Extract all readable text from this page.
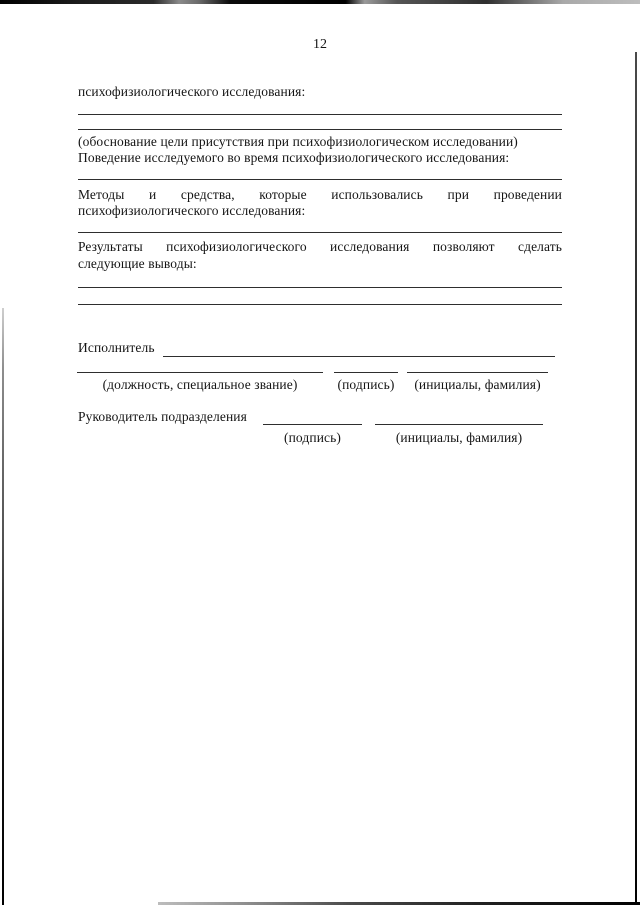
12
психофизиологического исследования:
(обоснование цели присутствия при психофизиологическом исследовании)
Поведение исследуемого во время психофизиологического исследования:
Методы и средства, которые использовались при проведении
психофизиологического исследования:
Результаты психофизиологического исследования позволяют сделать
следующие выводы:
Исполнитель
(должность, специальное звание)	(подпись)	(инициалы, фамилия)
Руководитель подразделения
(подпись)	(инициалы, фамилия)
